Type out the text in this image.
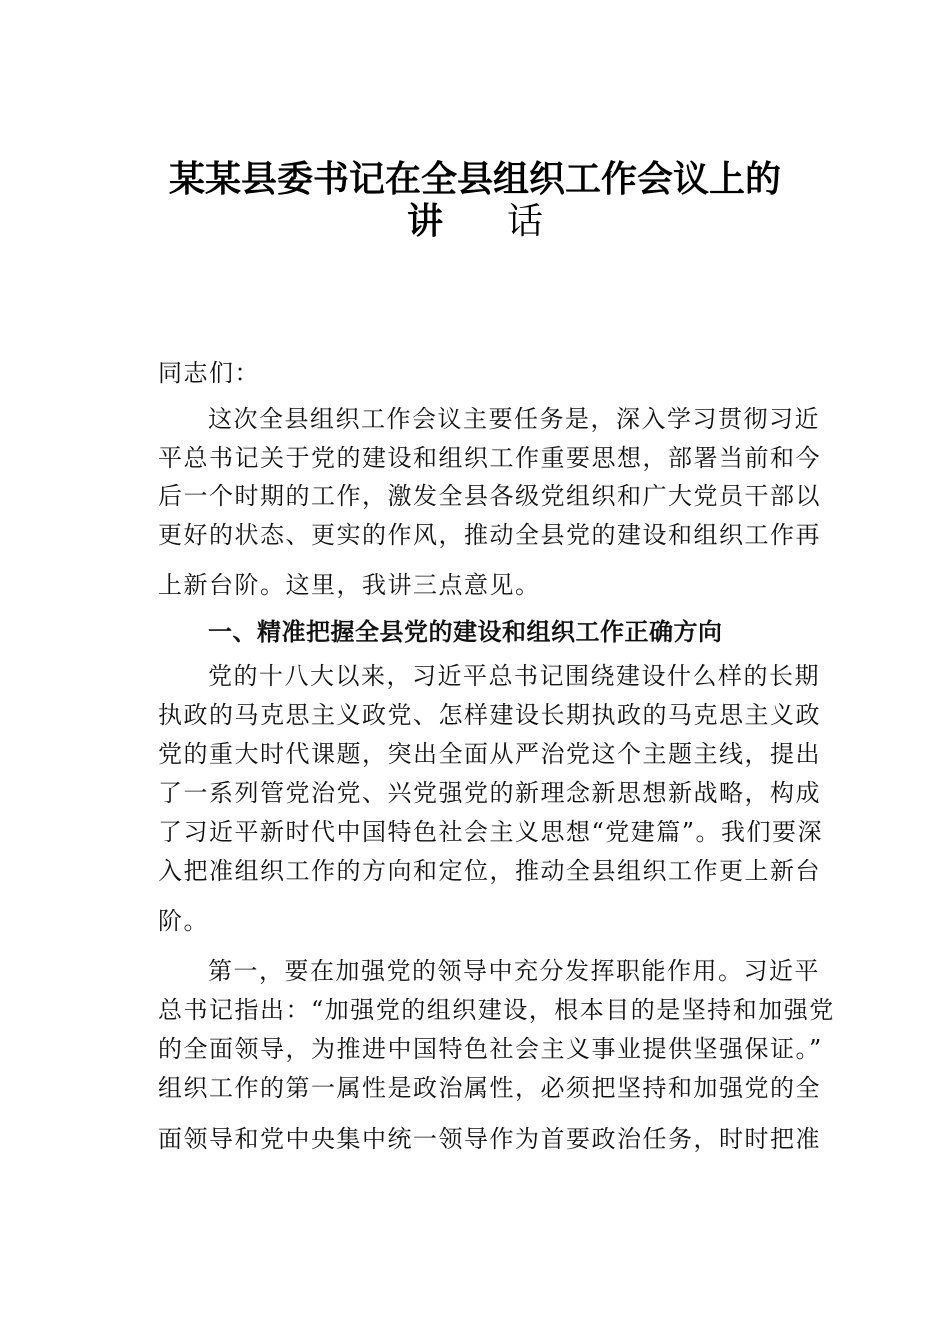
某某县委书记在全县组织工作会议上的
讲 话
同志们：
这次全县组织工作会议主要任务是，深入学习贯彻习近
平总书记关于党的建设和组织工作重要思想，部署当前和今
后一个时期的工作，激发全县各级党组织和广大党员干部以
更好的状态、更实的作风，推动全县党的建设和组织工作再
上新台阶。这里，我讲三点意见。
一、精准把握全县党的建设和组织工作正确方向
党的十八大以来，习近平总书记围绕建设什么样的长期
执政的马克思主义政党、怎样建设长期执政的马克思主义政
党的重大时代课题，突出全面从严治党这个主题主线，提出
了一系列管党治党、兴党强党的新理念新思想新战略，构成
了习近平新时代中国特色社会主义思想“党建篇”。我们要深
入把准组织工作的方向和定位，推动全县组织工作更上新台
阶。
第一，要在加强党的领导中充分发挥职能作用。习近平
总书记指出：“加强党的组织建设，根本目的是坚持和加强党
的全面领导，为推进中国特色社会主义事业提供坚强保证。”
组织工作的第一属性是政治属性，必须把坚持和加强党的全
面领导和党中央集中统一领导作为首要政治任务，时时把准
